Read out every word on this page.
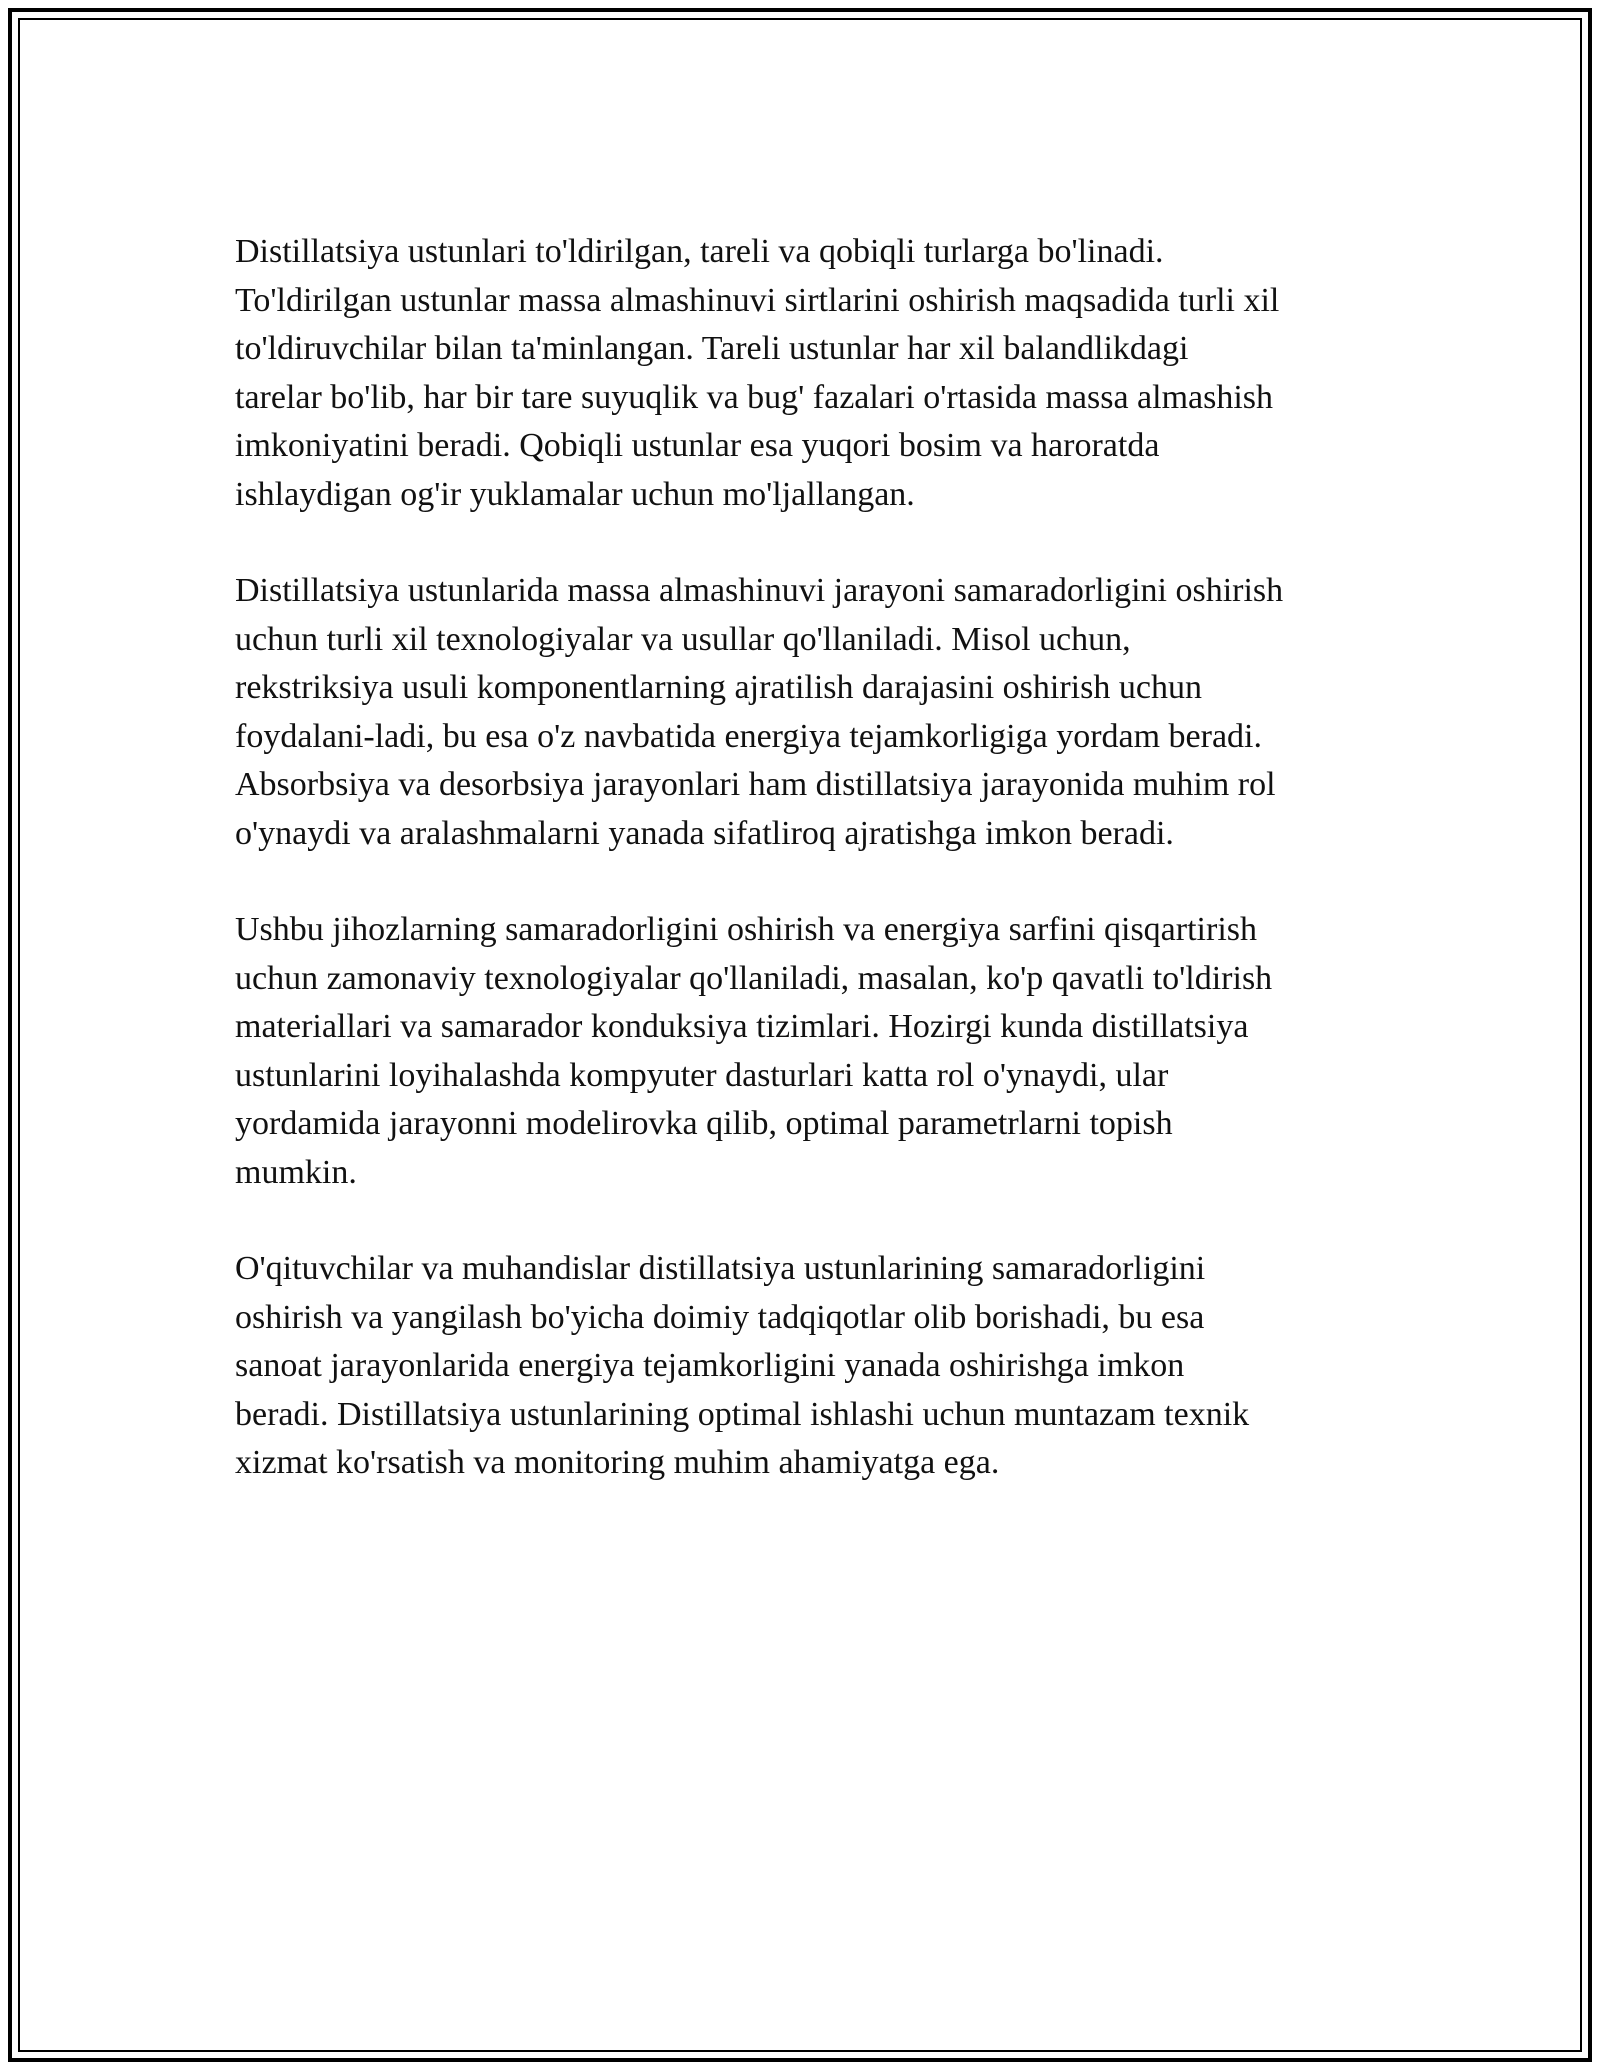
Distillatsiya ustunlari to'ldirilgan, tareli va qobiqli turlarga bo'linadi.
To'ldirilgan ustunlar massa almashinuvi sirtlarini oshirish maqsadida turli xil
to'ldiruvchilar bilan ta'minlangan. Tareli ustunlar har xil balandlikdagi
tarelar bo'lib, har bir tare suyuqlik va bug' fazalari o'rtasida massa almashish
imkoniyatini beradi. Qobiqli ustunlar esa yuqori bosim va haroratda
ishlaydigan og'ir yuklamalar uchun mo'ljallangan.

Distillatsiya ustunlarida massa almashinuvi jarayoni samaradorligini oshirish
uchun turli xil texnologiyalar va usullar qo'llaniladi. Misol uchun,
rekstriksiya usuli komponentlarning ajratilish darajasini oshirish uchun
foydalani-ladi, bu esa o'z navbatida energiya tejamkorligiga yordam beradi.
Absorbsiya va desorbsiya jarayonlari ham distillatsiya jarayonida muhim rol
o'ynaydi va aralashmalarni yanada sifatliroq ajratishga imkon beradi.

Ushbu jihozlarning samaradorligini oshirish va energiya sarfini qisqartirish
uchun zamonaviy texnologiyalar qo'llaniladi, masalan, ko'p qavatli to'ldirish
materiallari va samarador konduksiya tizimlari. Hozirgi kunda distillatsiya
ustunlarini loyihalashda kompyuter dasturlari katta rol o'ynaydi, ular
yordamida jarayonni modelirovka qilib, optimal parametrlarni topish
mumkin.

O'qituvchilar va muhandislar distillatsiya ustunlarining samaradorligini
oshirish va yangilash bo'yicha doimiy tadqiqotlar olib borishadi, bu esa
sanoat jarayonlarida energiya tejamkorligini yanada oshirishga imkon
beradi. Distillatsiya ustunlarining optimal ishlashi uchun muntazam texnik
xizmat ko'rsatish va monitoring muhim ahamiyatga ega.
